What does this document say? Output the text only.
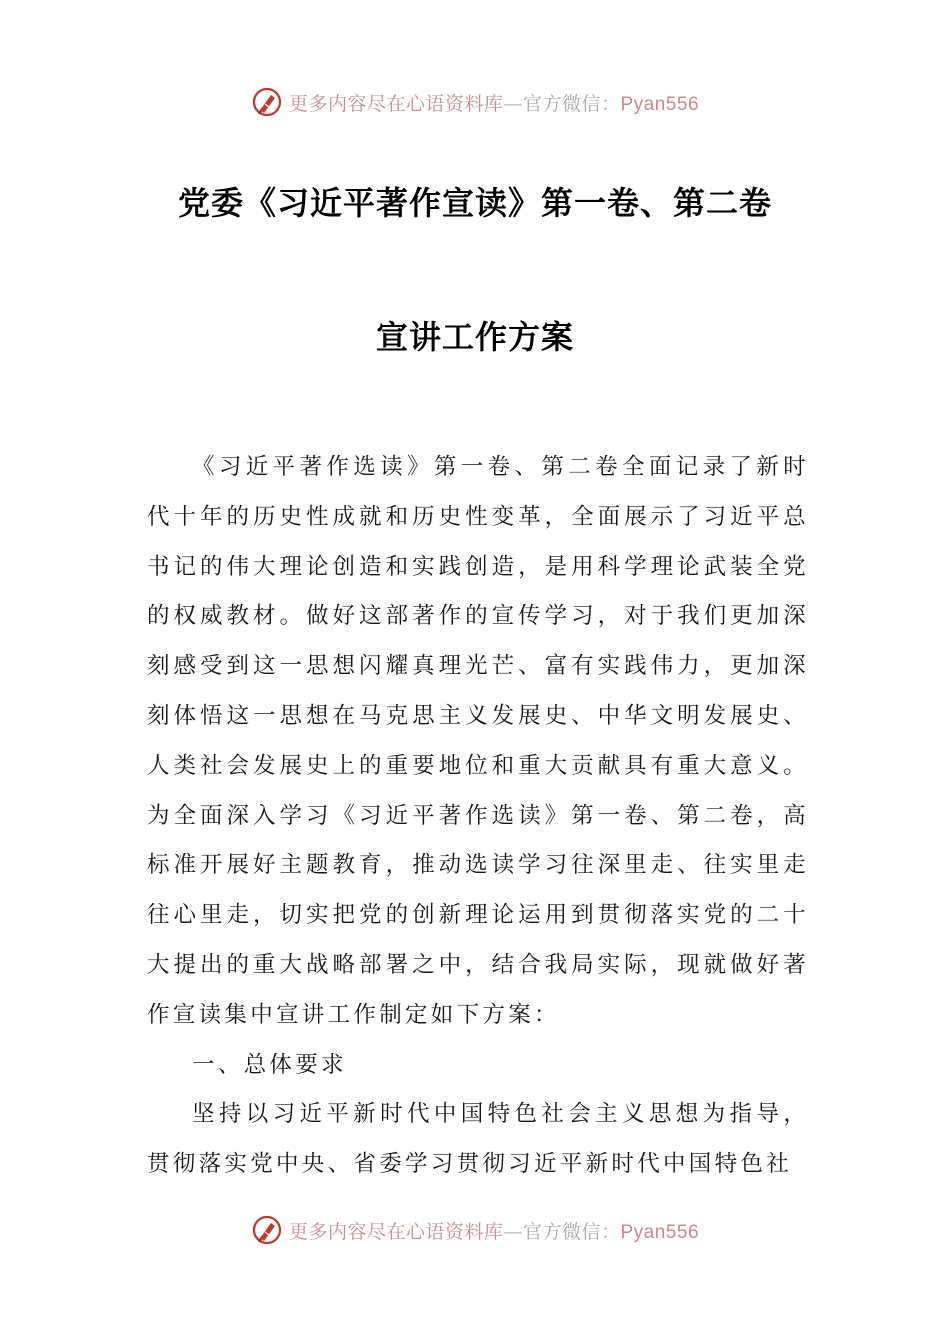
更多内容尽在心语资料库—官方微信：Pyan556
党委《习近平著作宣读》第一卷、第二卷
宣讲工作方案

《习近平著作选读》第一卷、第二卷全面记录了新时代十年的历史性成就和历史性变革，全面展示了习近平总书记的伟大理论创造和实践创造，是用科学理论武装全党的权威教材。做好这部著作的宣传学习，对于我们更加深刻感受到这一思想闪耀真理光芒、富有实践伟力，更加深刻体悟这一思想在马克思主义发展史、中华文明发展史、人类社会发展史上的重要地位和重大贡献具有重大意义。为全面深入学习《习近平著作选读》第一卷、第二卷，高标准开展好主题教育，推动选读学习往深里走、往实里走往心里走，切实把党的创新理论运用到贯彻落实党的二十大提出的重大战略部署之中，结合我局实际，现就做好著作宣读集中宣讲工作制定如下方案：

一、总体要求

坚持以习近平新时代中国特色社会主义思想为指导，贯彻落实党中央、省委学习贯彻习近平新时代中国特色社

更多内容尽在心语资料库—官方微信：Pyan556
